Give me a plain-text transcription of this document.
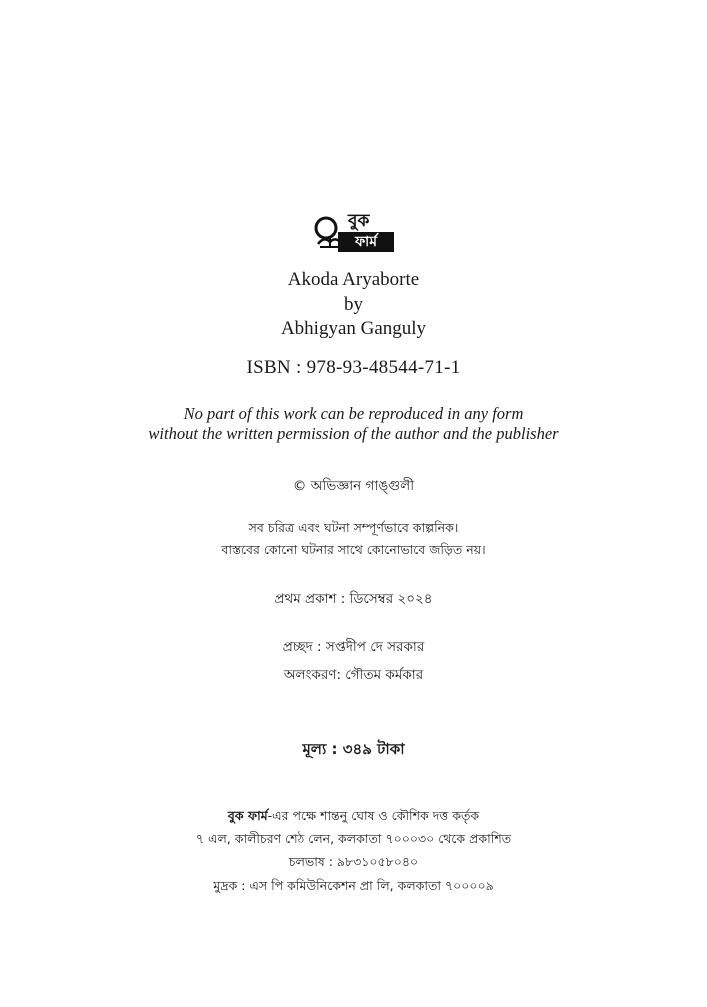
বুক
ফার্ম
Akoda Aryaborte
by
Abhigyan Ganguly
ISBN : 978-93-48544-71-1
No part of this work can be reproduced in any form
without the written permission of the author and the publisher
© অভিজ্ঞান গাঙ্গুলী
সব চরিত্র এবং ঘটনা সম্পূর্ণভাবে কাল্পনিক।
বাস্তবের কোনো ঘটনার সাথে কোনোভাবে জড়িত নয়।
প্রথম প্রকাশ : ডিসেম্বর ২০২৪
প্রচ্ছদ : সপ্তদীপ দে সরকার
অলংকরণ: গৌতম কর্মকার
মূল্য : ৩৪৯ টাকা
বুক ফার্ম-এর পক্ষে শান্তনু ঘোষ ও কৌশিক দত্ত কর্তৃক
৭ এল, কালীচরণ শেঠ লেন, কলকাতা ৭০০০৩০ থেকে প্রকাশিত
চলভাষ : ৯৮৩১০৫৮০৪০
মুদ্রক : এস পি কমিউনিকেশন প্রা লি, কলকাতা ৭০০০০৯
